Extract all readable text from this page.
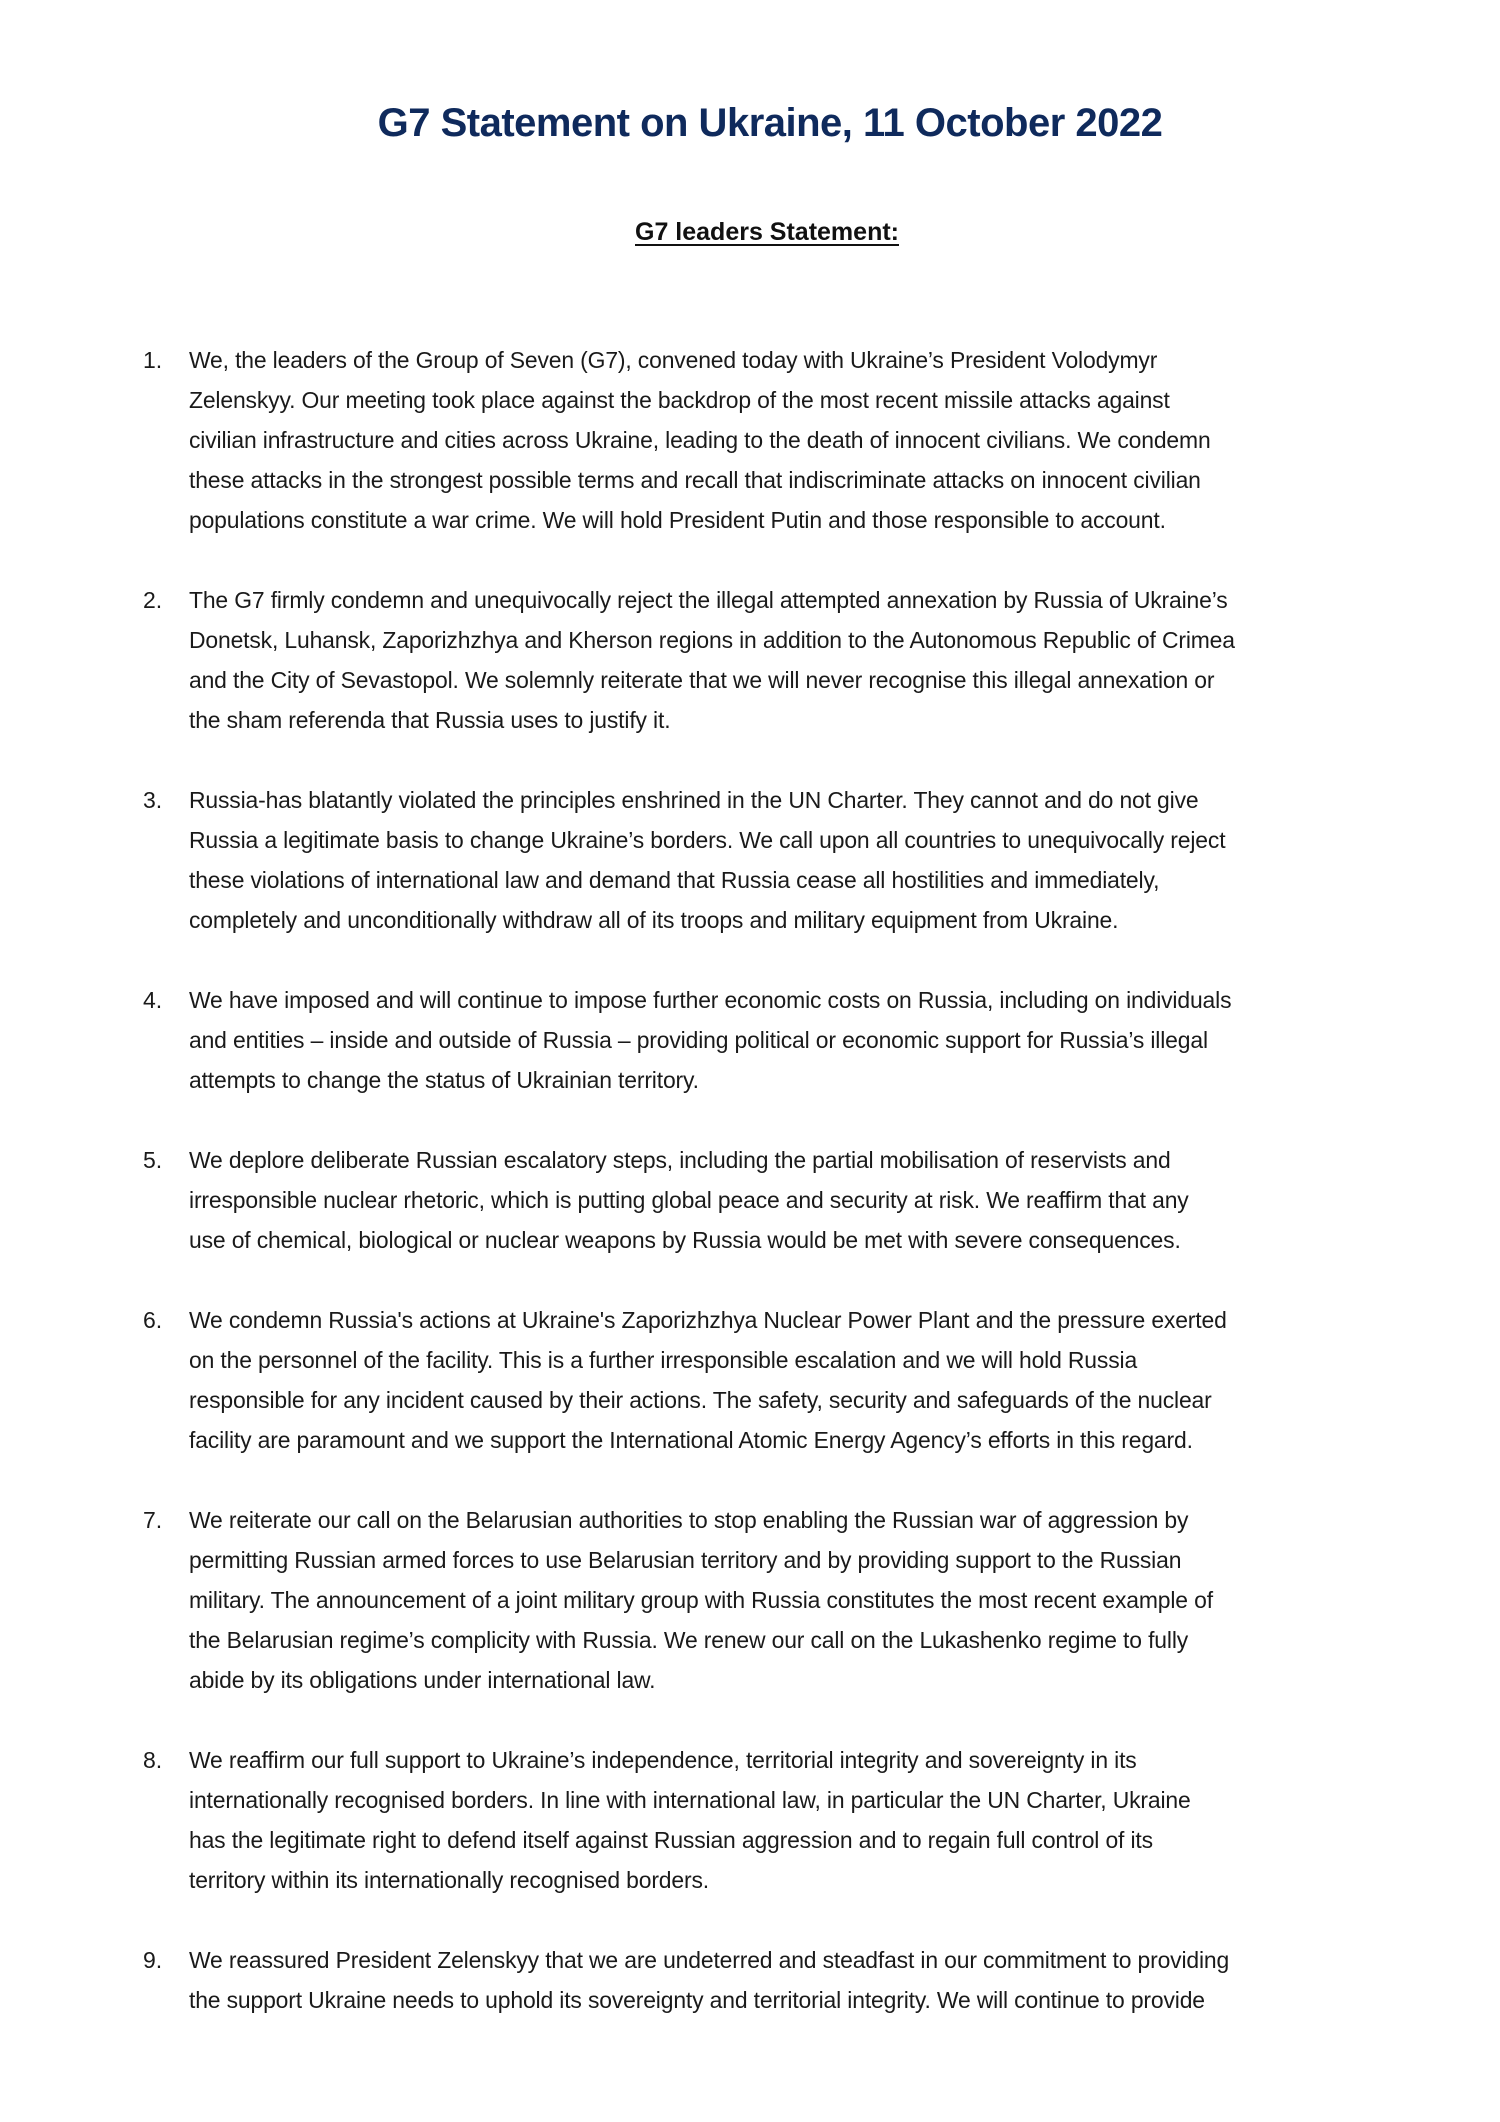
G7 Statement on Ukraine, 11 October 2022
G7 leaders Statement:
1. We, the leaders of the Group of Seven (G7), convened today with Ukraine’s President Volodymyr
Zelenskyy. Our meeting took place against the backdrop of the most recent missile attacks against
civilian infrastructure and cities across Ukraine, leading to the death of innocent civilians. We condemn
these attacks in the strongest possible terms and recall that indiscriminate attacks on innocent civilian
populations constitute a war crime. We will hold President Putin and those responsible to account.
2. The G7 firmly condemn and unequivocally reject the illegal attempted annexation by Russia of Ukraine’s
Donetsk, Luhansk, Zaporizhzhya and Kherson regions in addition to the Autonomous Republic of Crimea
and the City of Sevastopol. We solemnly reiterate that we will never recognise this illegal annexation or
the sham referenda that Russia uses to justify it.
3. Russia-has blatantly violated the principles enshrined in the UN Charter. They cannot and do not give
Russia a legitimate basis to change Ukraine’s borders. We call upon all countries to unequivocally reject
these violations of international law and demand that Russia cease all hostilities and immediately,
completely and unconditionally withdraw all of its troops and military equipment from Ukraine.
4. We have imposed and will continue to impose further economic costs on Russia, including on individuals
and entities – inside and outside of Russia – providing political or economic support for Russia’s illegal
attempts to change the status of Ukrainian territory.
5. We deplore deliberate Russian escalatory steps, including the partial mobilisation of reservists and
irresponsible nuclear rhetoric, which is putting global peace and security at risk. We reaffirm that any
use of chemical, biological or nuclear weapons by Russia would be met with severe consequences.
6. We condemn Russia's actions at Ukraine's Zaporizhzhya Nuclear Power Plant and the pressure exerted
on the personnel of the facility. This is a further irresponsible escalation and we will hold Russia
responsible for any incident caused by their actions. The safety, security and safeguards of the nuclear
facility are paramount and we support the International Atomic Energy Agency’s efforts in this regard.
7. We reiterate our call on the Belarusian authorities to stop enabling the Russian war of aggression by
permitting Russian armed forces to use Belarusian territory and by providing support to the Russian
military. The announcement of a joint military group with Russia constitutes the most recent example of
the Belarusian regime’s complicity with Russia. We renew our call on the Lukashenko regime to fully
abide by its obligations under international law.
8. We reaffirm our full support to Ukraine’s independence, territorial integrity and sovereignty in its
internationally recognised borders. In line with international law, in particular the UN Charter, Ukraine
has the legitimate right to defend itself against Russian aggression and to regain full control of its
territory within its internationally recognised borders.
9. We reassured President Zelenskyy that we are undeterred and steadfast in our commitment to providing
the support Ukraine needs to uphold its sovereignty and territorial integrity. We will continue to provide
